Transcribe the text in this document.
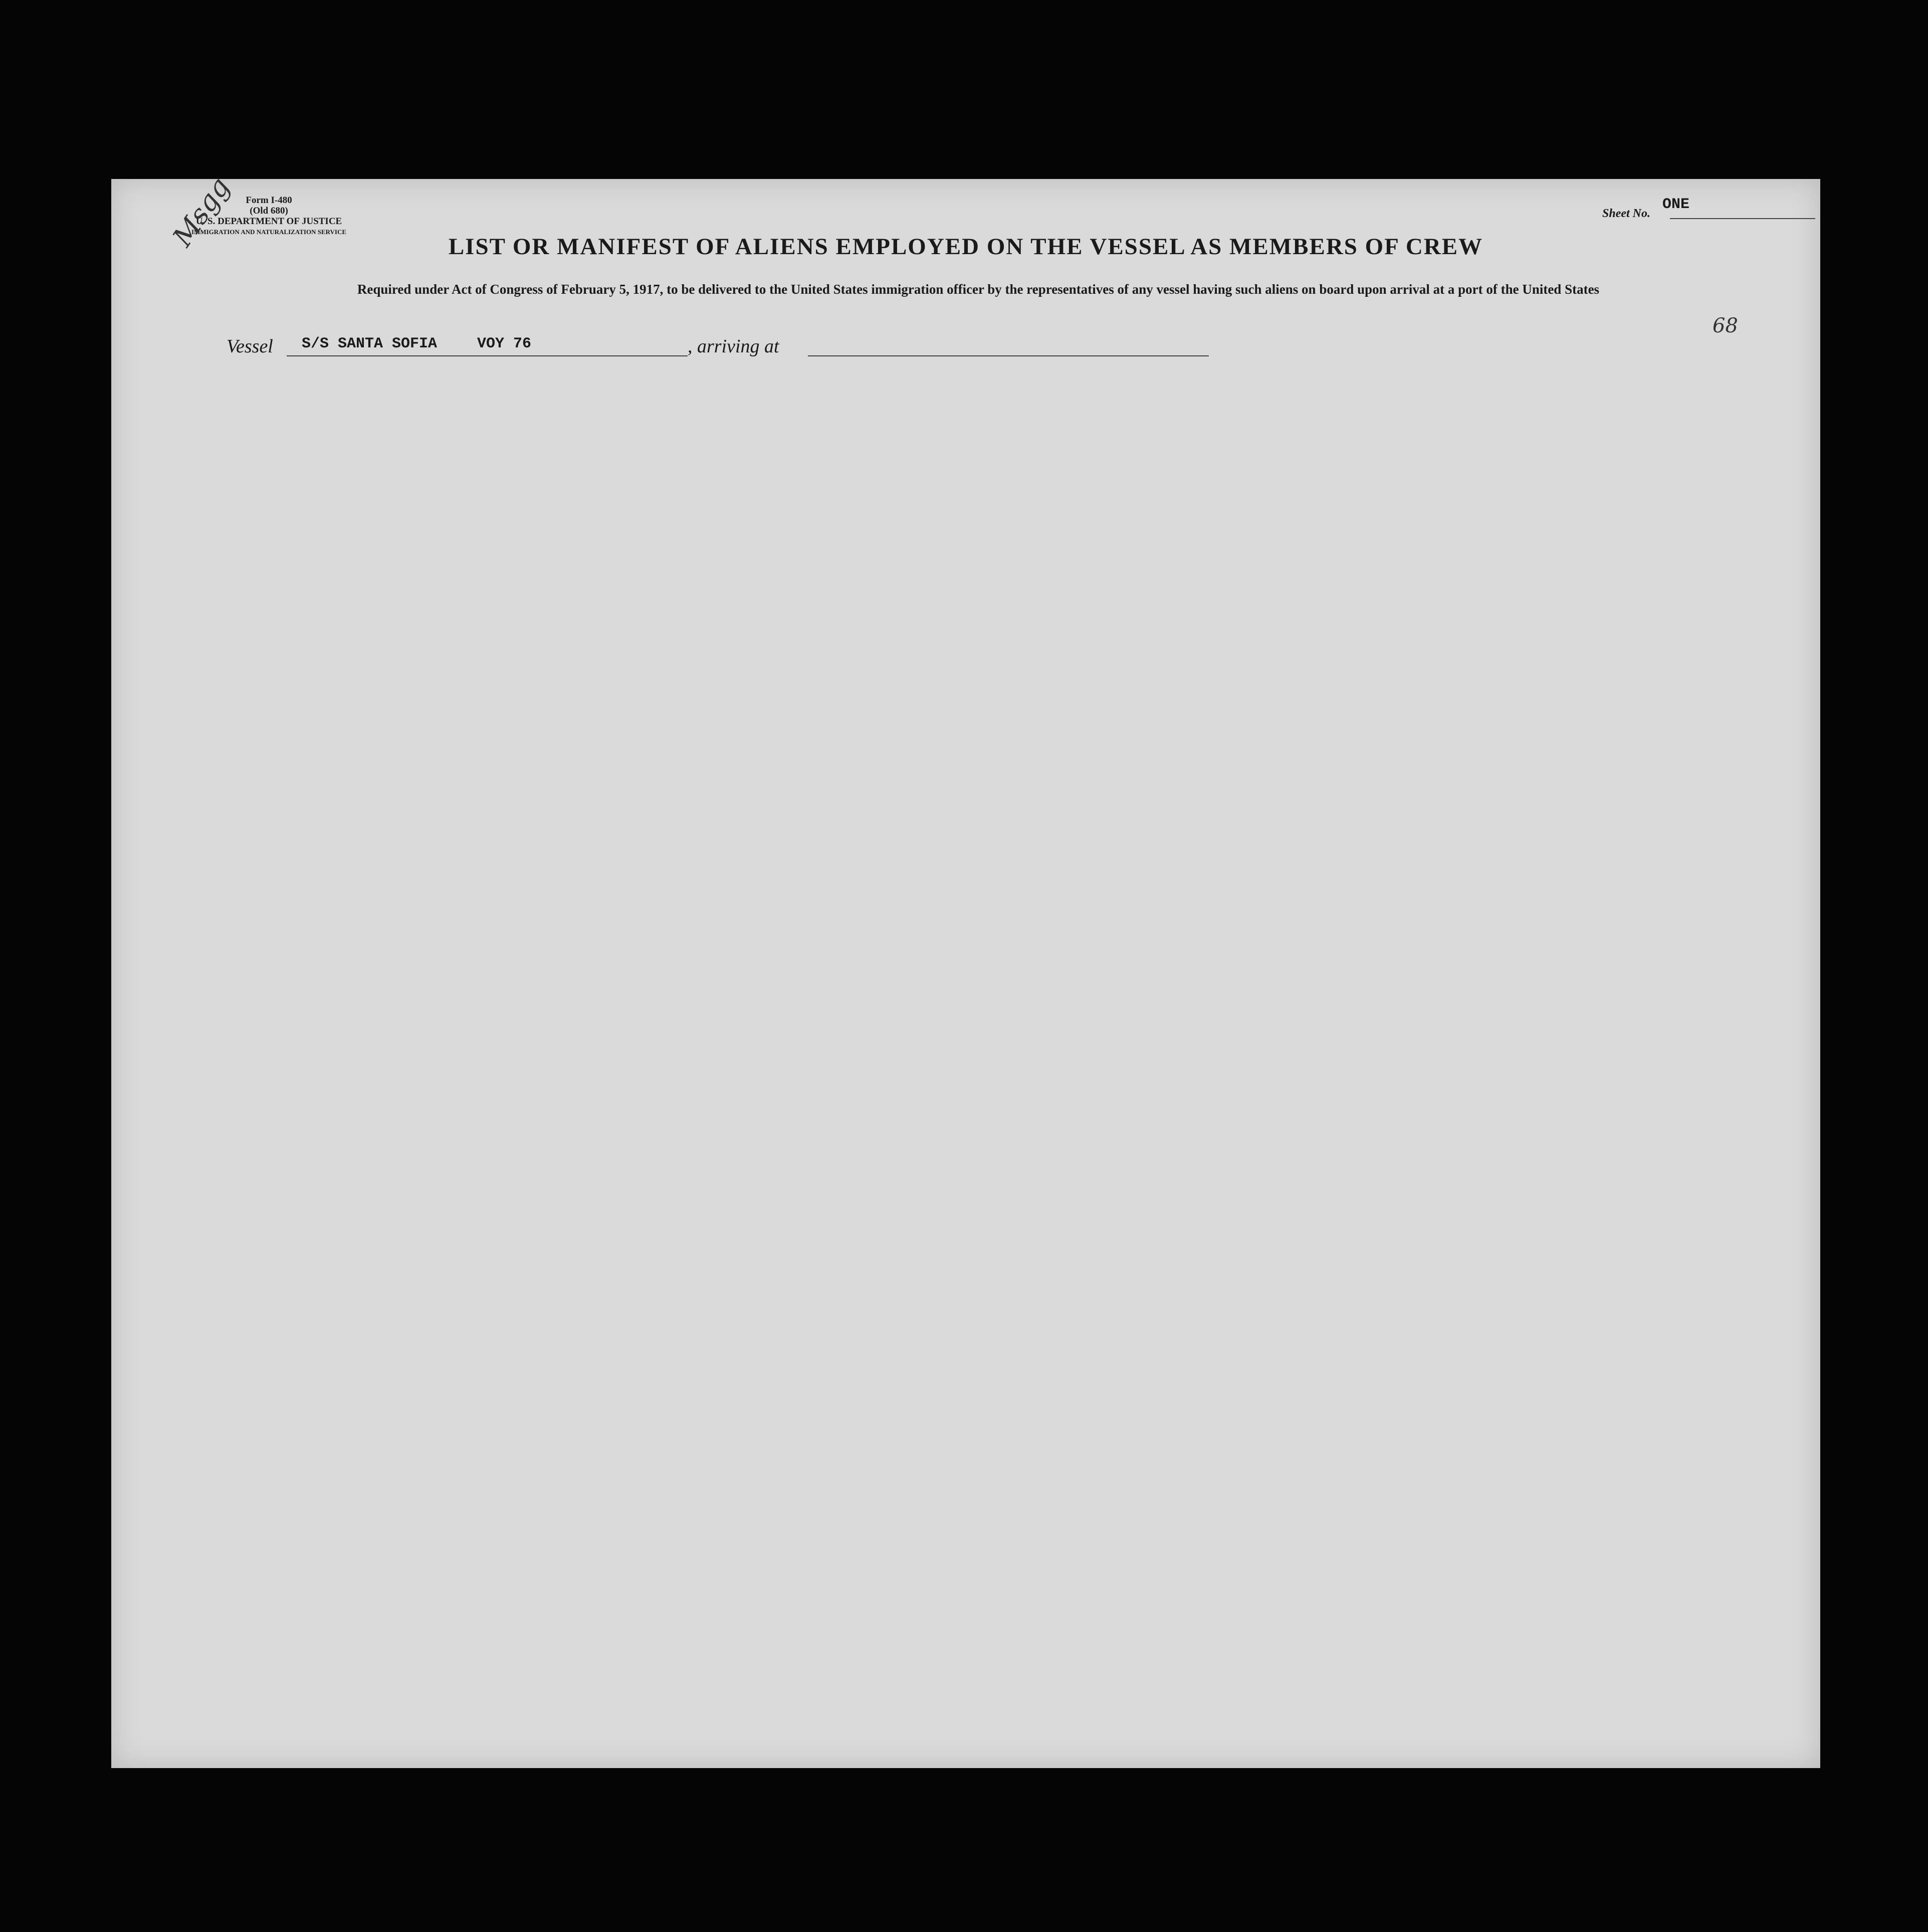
Form I-480
(Old 680)
U. S. DEPARTMENT OF JUSTICE
IMMIGRATION AND NATURALIZATION SERVICE
Sheet No.
ONE
Msgg	LIST OR MANIFEST OF ALIENS EMPLOYED ON THE VESSEL AS MEMBERS OF CREW
Required under Act of Congress of February 5, 1917, to be delivered to the United States immigration officer by the representatives of any vessel having such aliens on board upon arrival at a port of the United States
68
Vessel S/S SANTA SOFIA	VOY 76	, arriving at
